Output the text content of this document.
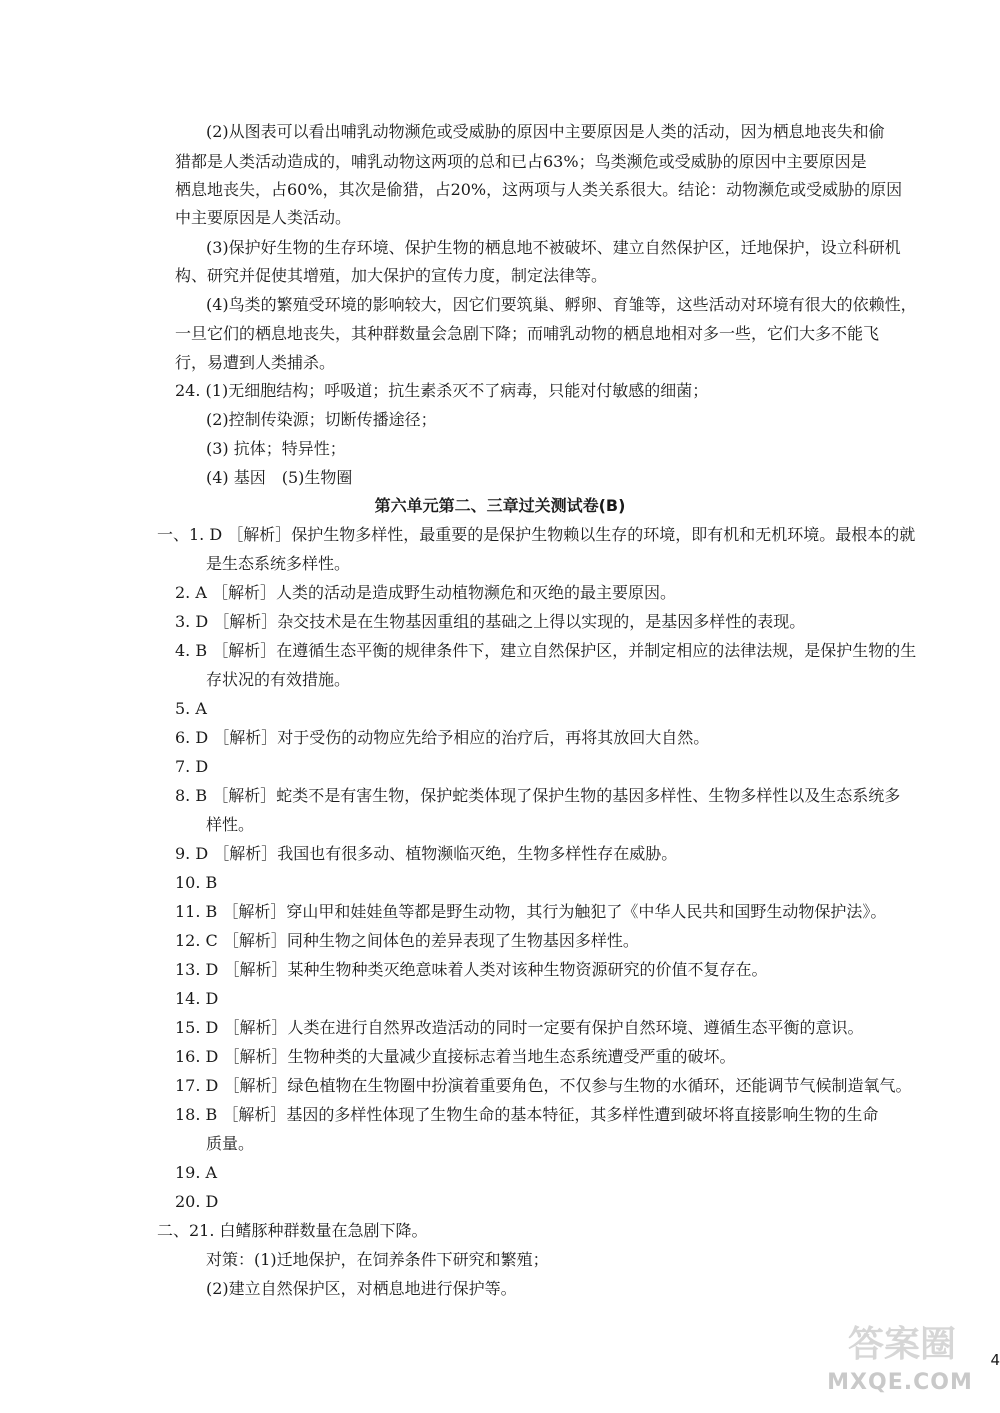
(2)从图表可以看出哺乳动物濒危或受威胁的原因中主要原因是人类的活动，因为栖息地丧失和偷
猎都是人类活动造成的，哺乳动物这两项的总和已占63%；鸟类濒危或受威胁的原因中主要原因是
栖息地丧失，占60%，其次是偷猎，占20%，这两项与人类关系很大。结论：动物濒危或受威胁的原因
中主要原因是人类活动。
(3)保护好生物的生存环境、保护生物的栖息地不被破坏、建立自然保护区，迁地保护，设立科研机
构、研究并促使其增殖，加大保护的宣传力度，制定法律等。
(4)鸟类的繁殖受环境的影响较大，因它们要筑巢、孵卵、育雏等，这些活动对环境有很大的依赖性，
一旦它们的栖息地丧失，其种群数量会急剧下降；而哺乳动物的栖息地相对多一些，它们大多不能飞
行，易遭到人类捕杀。
24. (1)无细胞结构；呼吸道；抗生素杀灭不了病毒，只能对付敏感的细菌；
(2)控制传染源；切断传播途径；
(3) 抗体；特异性；
(4) 基因　(5)生物圈
第六单元第二、三章过关测试卷(B)
一、1. D ［解析］保护生物多样性，最重要的是保护生物赖以生存的环境，即有机和无机环境。最根本的就
是生态系统多样性。
2. A ［解析］人类的活动是造成野生动植物濒危和灭绝的最主要原因。
3. D ［解析］杂交技术是在生物基因重组的基础之上得以实现的，是基因多样性的表现。
4. B ［解析］在遵循生态平衡的规律条件下，建立自然保护区，并制定相应的法律法规，是保护生物的生
存状况的有效措施。
5. A
6. D ［解析］对于受伤的动物应先给予相应的治疗后，再将其放回大自然。
7. D
8. B ［解析］蛇类不是有害生物，保护蛇类体现了保护生物的基因多样性、生物多样性以及生态系统多
样性。
9. D ［解析］我国也有很多动、植物濒临灭绝，生物多样性存在威胁。
10. B
11. B ［解析］穿山甲和娃娃鱼等都是野生动物，其行为触犯了《中华人民共和国野生动物保护法》。
12. C ［解析］同种生物之间体色的差异表现了生物基因多样性。
13. D ［解析］某种生物种类灭绝意味着人类对该种生物资源研究的价值不复存在。
14. D
15. D ［解析］人类在进行自然界改造活动的同时一定要有保护自然环境、遵循生态平衡的意识。
16. D ［解析］生物种类的大量减少直接标志着当地生态系统遭受严重的破坏。
17. D ［解析］绿色植物在生物圈中扮演着重要角色，不仅参与生物的水循环，还能调节气候制造氧气。
18. B ［解析］基因的多样性体现了生物生命的基本特征，其多样性遭到破坏将直接影响生物的生命
质量。
19. A
20. D
二、21. 白鳍豚种群数量在急剧下降。
对策：(1)迁地保护，在饲养条件下研究和繁殖；
(2)建立自然保护区，对栖息地进行保护等。
4
答案圈
MXQE.COM
